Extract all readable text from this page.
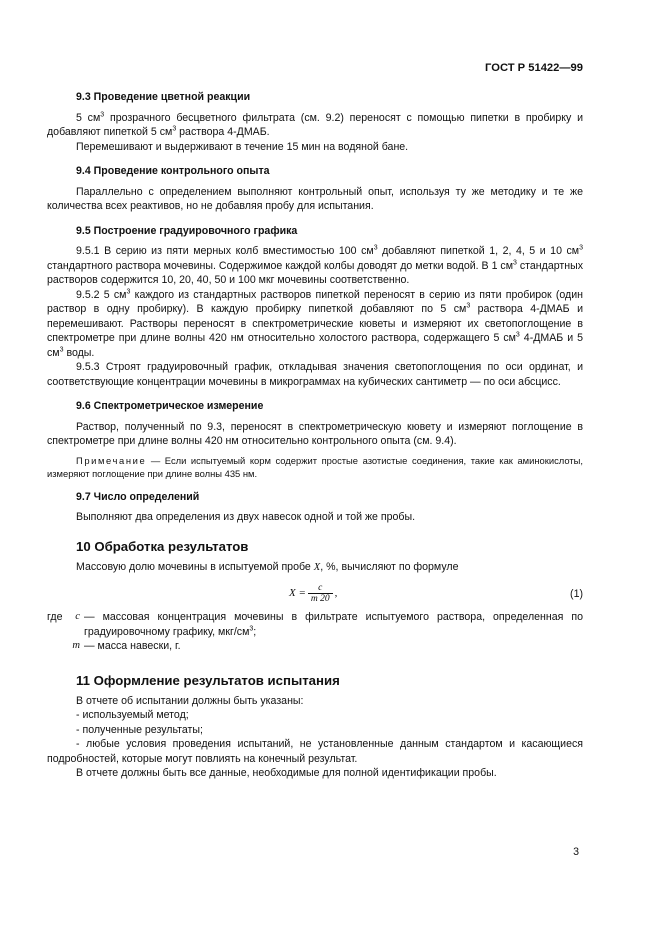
ГОСТ Р 51422—99
9.3 Проведение цветной реакции

5 $см^3$ прозрачного бесцветного фильтрата (см. 9.2) переносят с помощью пипетки в пробирку и добавляют пипеткой 5 $см^3$ раствора 4-ДМАБ.

Перемешивают и выдерживают в течение 15 мин на водяной бане.

9.4 Проведение контрольного опыта

Параллельно с определением выполняют контрольный опыт, используя ту же методику и те же количества всех реактивов, но не добавляя пробу для испытания.

9.5 Построение градуировочного графика

9.5.1 В серию из пяти мерных колб вместимостью 100 $см^3$ добавляют пипеткой 1, 2, 4, 5 и 10 $см^3$ стандартного раствора мочевины. Содержимое каждой колбы доводят до метки водой. В 1 $см^3$ стандартных растворов содержится 10, 20, 40, 50 и 100 мкг мочевины соответственно.

9.5.2 5 $см^3$ каждого из стандартных растворов пипеткой переносят в серию из пяти пробирок (один раствор в одну пробирку). В каждую пробирку пипеткой добавляют по 5 $см^3$ раствора 4-ДМАБ и перемешивают. Растворы переносят в спектрометрические кюветы и измеряют их светопоглощение в спектрометре при длине волны 420 нм относительно холостого раствора, содержащего 5 $см^3$ 4-ДМАБ и 5 $см^3$ воды.

9.5.3 Строят градуировочный график, откладывая значения светопоглощения по оси ординат, и соответствующие концентрации мочевины в микрограммах на кубических сантиметр — по оси абсцисс.

9.6 Спектрометрическое измерение

Раствор, полученный по 9.3, переносят в спектрометрическую кювету и измеряют поглощение в спектрометре при длине волны 420 нм относительно контрольного опыта (см. 9.4).

Примечание — Если испытуемый корм содержит простые азотистые соединения, такие как аминокислоты, измеряют поглощение при длине волны 435 нм.

9.7 Число определений

Выполняют два определения из двух навесок одной и той же пробы.

10 Обработка результатов

Массовую долю мочевины в испытуемой пробе X, %, вычисляют по формуле

$X = \frac{c}{m 20}$ ,	(1)
где c — массовая концентрация мочевины в фильтрате испытуемого раствора, определенная по градуировочному графику, мкг/$см^3$;
m — масса навески, г.
11 Оформление результатов испытания

В отчете об испытании должны быть указаны:

- используемый метод;

- полученные результаты;

- любые условия проведения испытаний, не установленные данным стандартом и касающиеся подробностей, которые могут повлиять на конечный результат.

В отчете должны быть все данные, необходимые для полной идентификации пробы.

3
